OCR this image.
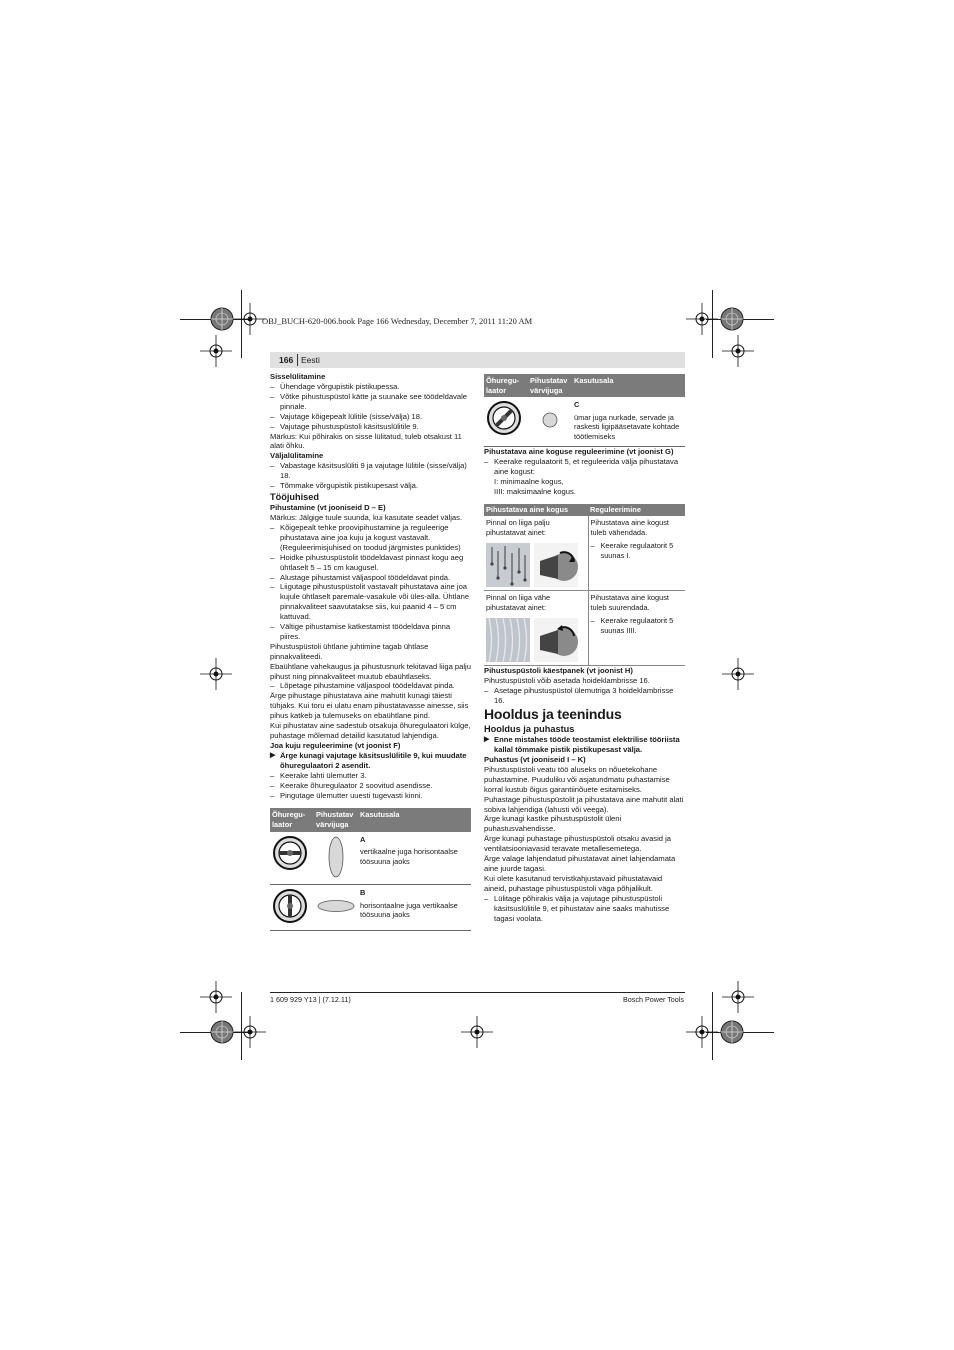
OBJ_BUCH-620-006.book Page 166 Wednesday, December 7, 2011 11:20 AM
166 Eesti

Sisselülitamine

– Ühendage võrgupistik pistikupessa.

– Võtke pihustuspüstol kätte ja suunake see töödeldavale pinnale.

– Vajutage kõigepealt lülitile (sisse/välja) 18.

– Vajutage pihustuspüstoli käsitsuslülitile 9.

Märkus: Kui põhirakis on sisse lülitatud, tuleb otsakust 11 alati õhku.

Väljalülitamine

– Vabastage käsitsuslüliti 9 ja vajutage lülitile (sisse/välja) 18.

– Tõmmake võrgupistik pistikupesast välja.

Tööjuhised

Pihustamine (vt jooniseid D – E)

Märkus: Jälgige tuule suunda, kui kasutate seadet väljas.

– Kõigepealt tehke proovipihustamine ja reguleerige pihustatava aine joa kuju ja kogust vastavalt. (Reguleerimisjuhised on toodud järgmistes punktides)

– Hoidke pihustuspüstolit töödeldavast pinnast kogu aeg ühtlaselt 5 – 15 cm kaugusel.

– Alustage pihustamist väljaspool töödeldavat pinda.

– Liigutage pihustuspüstolit vastavalt pihustatava aine joa kujule ühtlaselt paremale-vasakule või üles-alla. Ühtlane pinnakvaliteet saavutatakse siis, kui paanid 4 – 5 cm kattuvad.

– Vältige pihustamise katkestamist töödeldava pinna piires.

Pihustuspüstoli ühtlane juhtimine tagab ühtlase pinnakvaliteedi.

Ebaühtlane vahekaugus ja pihustusnurk tekitavad liiga palju pihust ning pinnakvaliteet muutub ebaühtlaseks.

– Lõpetage pihustamine väljaspool töödeldavat pinda.

Ärge pihustage pihustatava aine mahutit kunagi täiesti tühjaks. Kui toru ei ulatu enam pihustatavasse ainesse, siis pihus katkeb ja tulemuseks on ebaühtlane pind.

Kui pihustatav aine sadestub otsakuja õhuregulaatori külge, puhastage mõlemad detailid kasutatud lahjendiga.

Joa kuju reguleerimine (vt joonist F)

▶ Ärge kunagi vajutage käsitsuslülitile 9, kui muudate õhuregulaatori 2 asendit.

– Keerake lahti ülemutter 3.

– Keerake õhuregulaator 2 soovitud asendisse.

– Pingutage ülemutter uuesti tugevasti kinni.

Õhuregu-
laator	Pihustatav
värvijuga	Kasutusala
		A
vertikaalne juga horisontaalse töösuuna jaoks

		B
horisontaalne juga vertikaalse töösuuna jaoks
Õhuregu-
laator	Pihustatav
värvijuga	Kasutusala
		C
ümar juga nurkade, servade ja raskesti ligipääsetavate kohtade töötlemiseks

Pihustatava aine koguse reguleerimine (vt joonist G)

– Keerake regulaatorit 5, et reguleerida välja pihustatava aine kogust:

I: minimaalne kogus,

IIII: maksimaalne kogus.

Pihustatava aine kogus	Reguleerimine

Pinnal on liiga palju pihustatavat ainet:	Pihustatava aine kogust tuleb vähendada.
– Keerake regulaatorit 5 suunas I.

Pinnal on liiga vähe pihustatavat ainet:	Pihustatava aine kogust tuleb suurendada.
– Keerake regulaatorit 5 suunas IIII.

Pihustuspüstoli käestpanek (vt joonist H)

Pihustuspüstoli võib asetada hoideklambrisse 16.

– Asetage pihustuspüstol ülemutriga 3 hoideklambrisse 16.

Hooldus ja teenindus

Hooldus ja puhastus

▶ Enne mistahes tööde teostamist elektrilise tööriista kallal tõmmake pistik pistikupesast välja.

Puhastus (vt jooniseid I – K)

Pihustuspüstoli veatu töö aluseks on nõuetekohane puhastamine. Puuduliku või asjatundmatu puhastamise korral kustub õigus garantiinõuete esitamiseks.

Puhastage pihustuspüstolit ja pihustatava aine mahutit alati sobiva lahjendiga (lahusti või veega).

Ärge kunagi kastke pihustuspüstolit üleni puhastusvahendisse.

Ärge kunagi puhastage pihustuspüstoli otsaku avasid ja ventilatsiooniavasid teravate metallesemetega.

Ärge valage lahjendatud pihustatavat ainet lahjendamata aine juurde tagasi.

Kui olete kasutanud tervistkahjustavaid pihustatavaid aineid, puhastage pihustuspüstoli väga põhjalikult.

– Lülitage põhirakis välja ja vajutage pihustuspüstoli käsitsuslülitile 9, et pihustatav aine saaks mahutisse tagasi voolata.

1 609 929 Y13 | (7.12.11)	Bosch Power Tools
